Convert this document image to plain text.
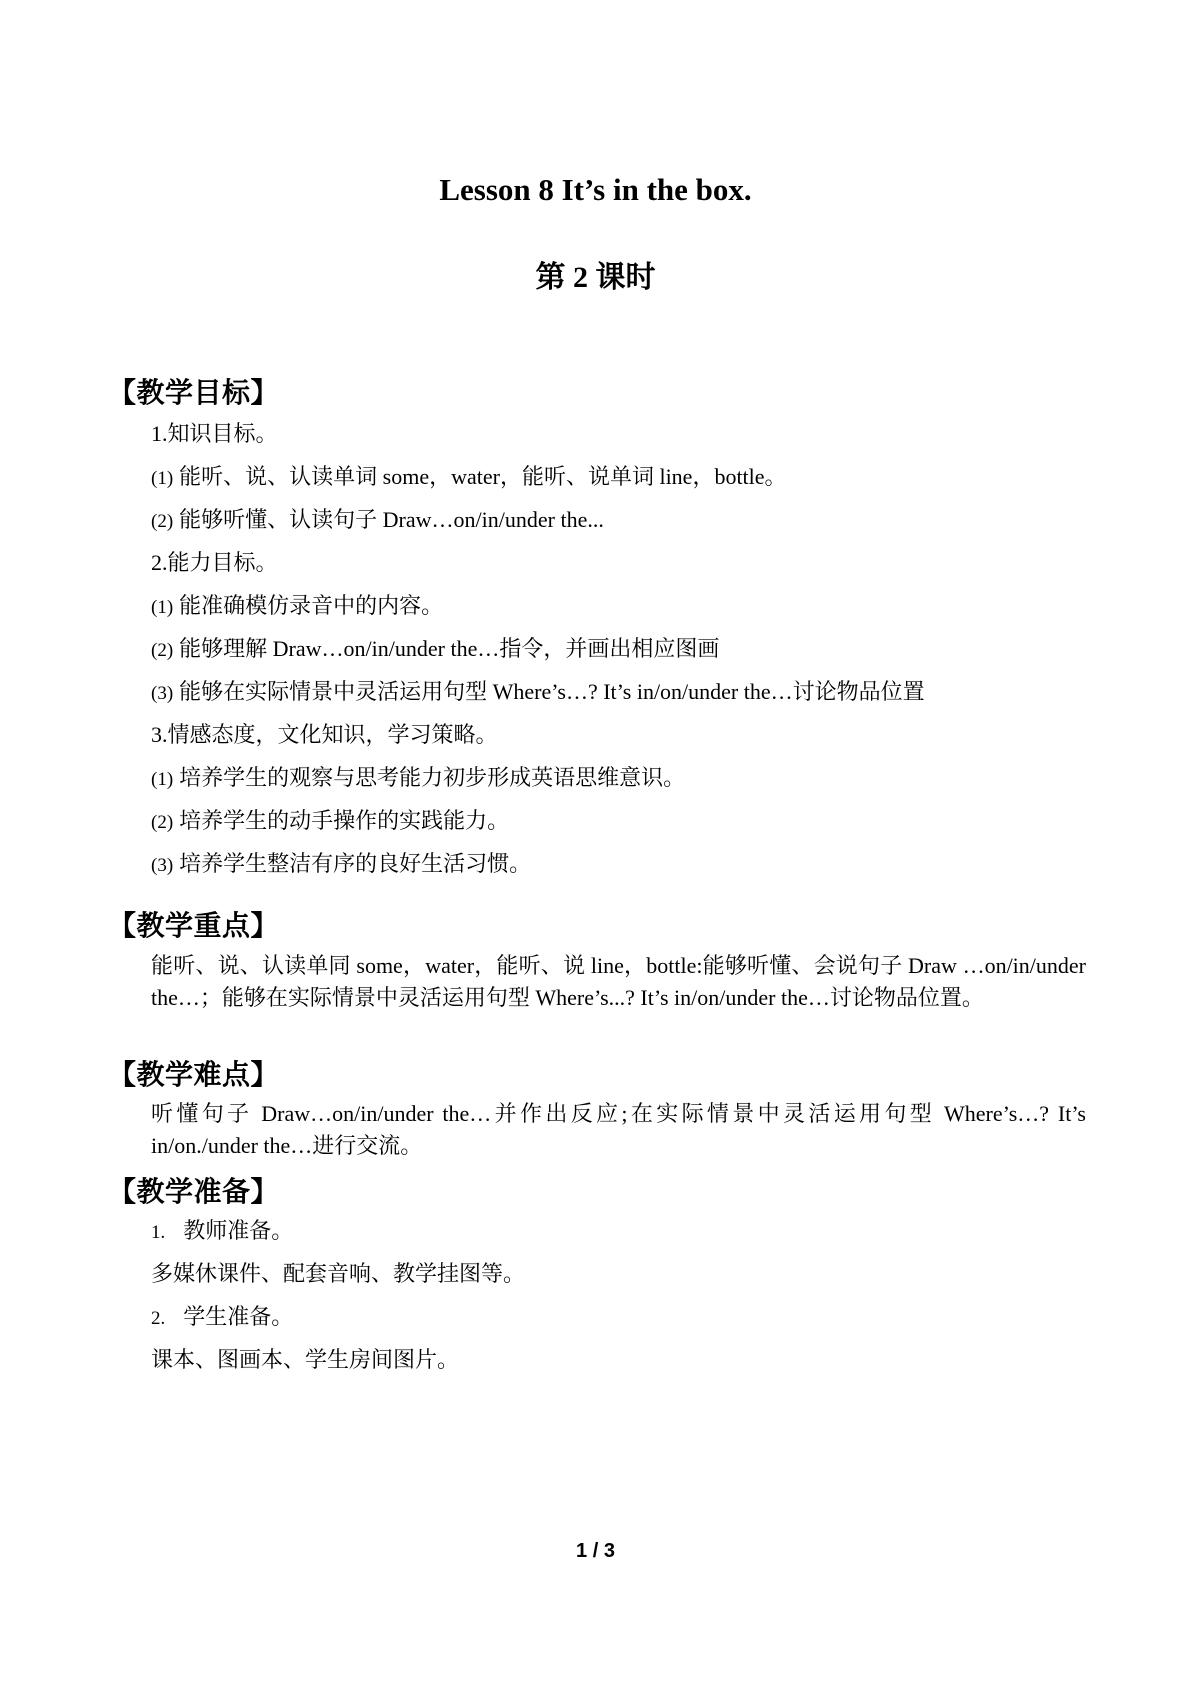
Lesson 8 It’s in the box.
第 2 课时
【教学目标】
1.知识目标。
(1) 能听、说、认读单词 some，water，能听、说单词 line，bottle。
(2) 能够听懂、认读句子 Draw…on/in/under the...
2.能力目标。
(1) 能准确模仿录音中的内容。
(2) 能够理解 Draw…on/in/under the…指令，并画出相应图画
(3) 能够在实际情景中灵活运用句型 Where’s…? It’s in/on/under the…讨论物品位置
3.情感态度，文化知识，学习策略。
(1) 培养学生的观察与思考能力初步形成英语思维意识。
(2) 培养学生的动手操作的实践能力。
(3) 培养学生整洁有序的良好生活习惯。
【教学重点】
能听、说、认读单同 some，water，能听、说 line，bottle:能够听懂、会说句子 Draw …on/in/under the…；能够在实际情景中灵活运用句型 Where’s...? It’s in/on/under the…讨论物品位置。
【教学难点】
听懂句子 Draw…on/in/under the…并作出反应;在实际情景中灵活运用句型 Where’s…? It’s in/on./under the…进行交流。
【教学准备】
1. 教师准备。
多媒休课件、配套音响、教学挂图等。
2. 学生准备。
课本、图画本、学生房间图片。
1 / 3
